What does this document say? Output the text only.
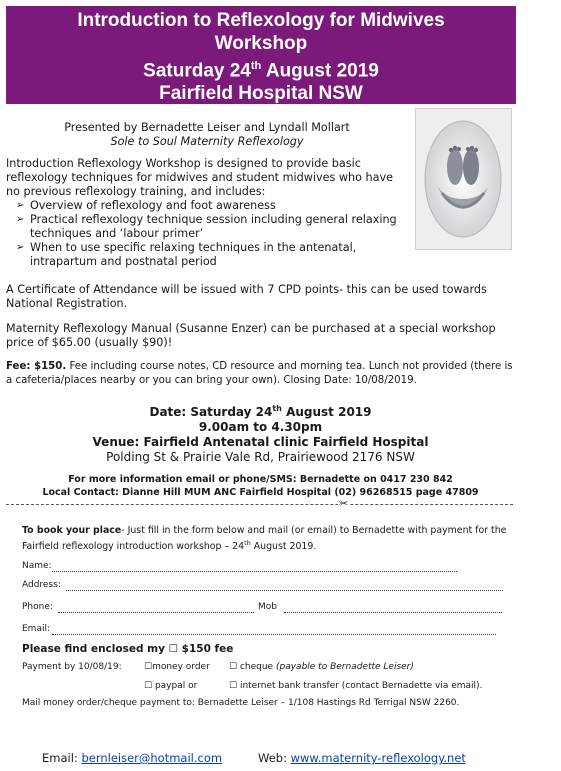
Introduction to Reflexology for Midwives
Workshop
Saturday 24th August 2019
Fairfield Hospital NSW
Presented by Bernadette Leiser and Lyndall Mollart
Sole to Soul Maternity Reflexology
Introduction Reflexology Workshop is designed to provide basic reflexology techniques for midwives and student midwives who have no previous reflexology training, and includes:
➢ Overview of reflexology and foot awareness
➢ Practical reflexology technique session including general relaxing techniques and ‘labour primer’
➢ When to use specific relaxing techniques in the antenatal, intrapartum and postnatal period
A Certificate of Attendance will be issued with 7 CPD points- this can be used towards National Registration.
Maternity Reflexology Manual (Susanne Enzer) can be purchased at a special workshop price of $65.00 (usually $90)!
Fee: $150. Fee including course notes, CD resource and morning tea. Lunch not provided (there is a cafeteria/places nearby or you can bring your own). Closing Date: 10/08/2019.
Date: Saturday 24th August 2019
9.00am to 4.30pm
Venue: Fairfield Antenatal clinic Fairfield Hospital
Polding St & Prairie Vale Rd, Prairiewood 2176 NSW
For more information email or phone/SMS: Bernadette on 0417 230 842
Local Contact: Dianne Hill MUM ANC Fairfield Hospital (02) 96268515 page 47809
✂
To book your place- Just fill in the form below and mail (or email) to Bernadette with payment for the Fairfield reflexology introduction workshop – 24th August 2019.
Name:
Address:
Phone:	Mob
Email:
Please find enclosed my ☐ $150 fee
Payment by 10/08/19: ☐money order ☐ cheque (payable to Bernadette Leiser)
☐ paypal or	☐ internet bank transfer (contact Bernadette via email).
Mail money order/cheque payment to: Bernadette Leiser – 1/108 Hastings Rd Terrigal NSW 2260.
Email: bernleiser@hotmail.com	Web: www.maternity-reflexology.net
